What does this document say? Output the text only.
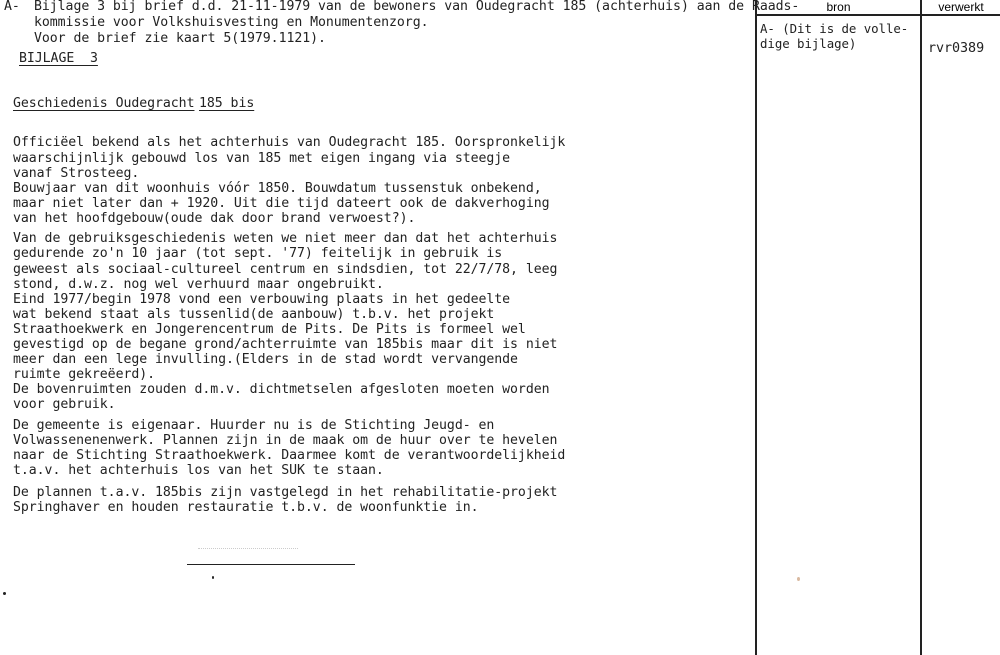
bron	verwerkt
A- Bijlage 3 bij brief d.d. 21-11-1979 van de bewoners van Oudegracht 185 (achterhuis) aan de Raads-
kommissie voor Volkshuisvesting en Monumentenzorg.
Voor de brief zie kaart 5(1979.1121).
BIJLAGE  3
Geschiedenis Oudegracht 185 bis
Officiëel bekend als het achterhuis van Oudegracht 185. Oorspronkelijk
waarschijnlijk gebouwd los van 185 met eigen ingang via steegje
vanaf Strosteeg.
Bouwjaar van dit woonhuis vóór 1850. Bouwdatum tussenstuk onbekend,
maar niet later dan + 1920. Uit die tijd dateert ook de dakverhoging
van het hoofdgebouw(oude dak door brand verwoest?).
Van de gebruiksgeschiedenis weten we niet meer dan dat het achterhuis
gedurende zo'n 10 jaar (tot sept. '77) feitelijk in gebruik is
geweest als sociaal-cultureel centrum en sindsdien, tot 22/7/78, leeg
stond, d.w.z. nog wel verhuurd maar ongebruikt.
Eind 1977/begin 1978 vond een verbouwing plaats in het gedeelte
wat bekend staat als tussenlid(de aanbouw) t.b.v. het projekt
Straathoekwerk en Jongerencentrum de Pits. De Pits is formeel wel
gevestigd op de begane grond/achterruimte van 185bis maar dit is niet
meer dan een lege invulling.(Elders in de stad wordt vervangende
ruimte gekreëerd).
De bovenruimten zouden d.m.v. dichtmetselen afgesloten moeten worden
voor gebruik.
De gemeente is eigenaar. Huurder nu is de Stichting Jeugd- en
Volwassenenenwerk. Plannen zijn in de maak om de huur over te hevelen
naar de Stichting Straathoekwerk. Daarmee komt de verantwoordelijkheid
t.a.v. het achterhuis los van het SUK te staan.
De plannen t.a.v. 185bis zijn vastgelegd in het rehabilitatie-projekt
Springhaver en houden restauratie t.b.v. de woonfunktie in.
A- (Dit is de volle-
dige bijlage)	rvr0389
